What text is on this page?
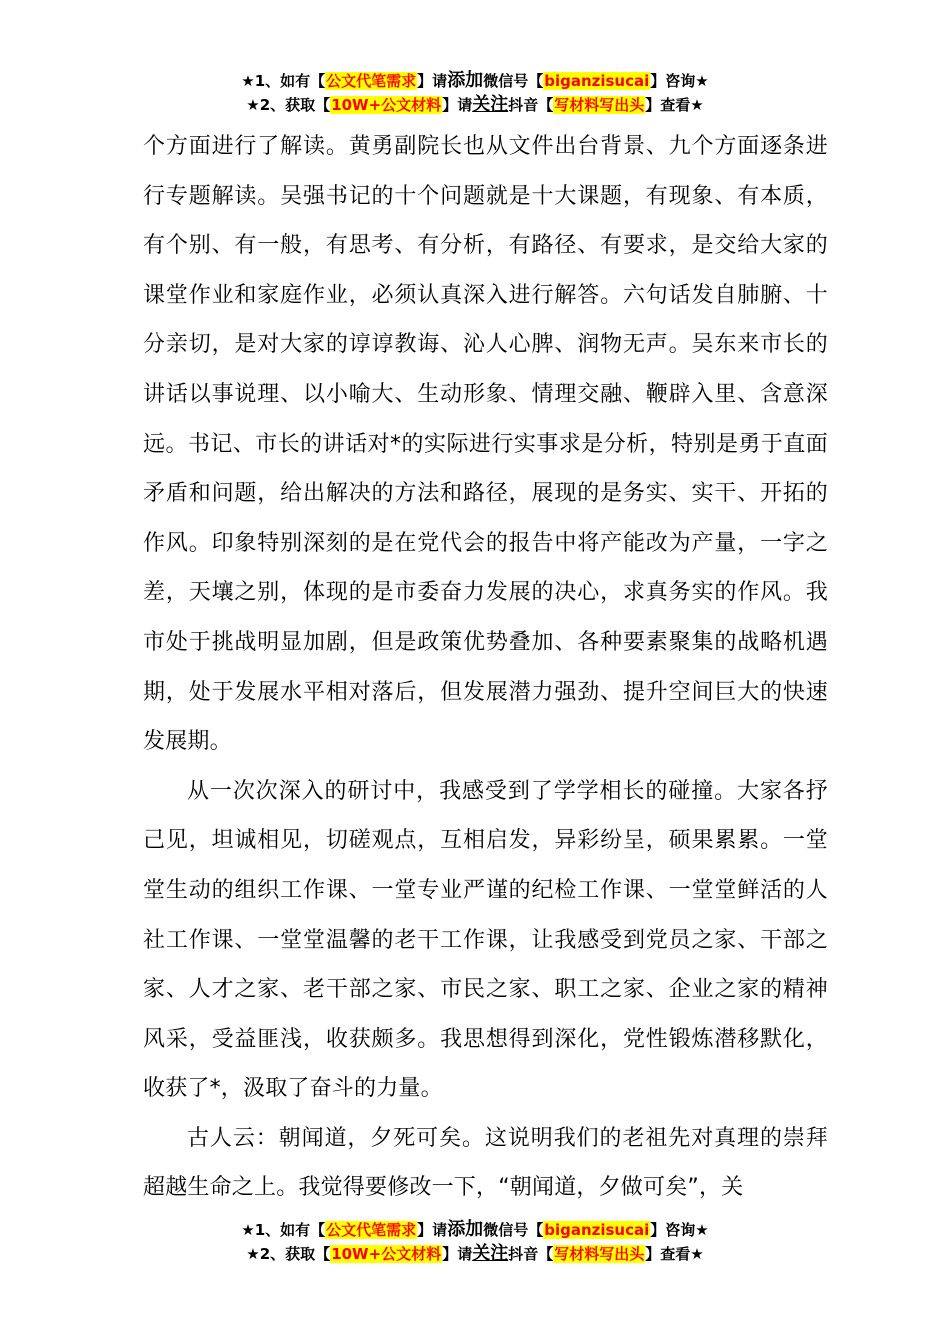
★1、如有【公文代笔需求】请添加微信号【biganzisucai】咨询★
★2、获取【10W+公文材料】请关注抖音【写材料写出头】查看★

个方面进行了解读。黄勇副院长也从文件出台背景、九个方面逐条进行专题解读。吴强书记的十个问题就是十大课题，有现象、有本质，有个别、有一般，有思考、有分析，有路径、有要求，是交给大家的课堂作业和家庭作业，必须认真深入进行解答。六句话发自肺腑、十分亲切，是对大家的谆谆教诲、沁人心脾、润物无声。吴东来市长的讲话以事说理、以小喻大、生动形象、情理交融、鞭辟入里、含意深远。书记、市长的讲话对*的实际进行实事求是分析，特别是勇于直面矛盾和问题，给出解决的方法和路径，展现的是务实、实干、开拓的作风。印象特别深刻的是在党代会的报告中将产能改为产量，一字之差，天壤之别，体现的是市委奋力发展的决心，求真务实的作风。我市处于挑战明显加剧，但是政策优势叠加、各种要素聚集的战略机遇期，处于发展水平相对落后，但发展潜力强劲、提升空间巨大的快速发展期。

从一次次深入的研讨中，我感受到了学学相长的碰撞。大家各抒己见，坦诚相见，切磋观点，互相启发，异彩纷呈，硕果累累。一堂堂生动的组织工作课、一堂专业严谨的纪检工作课、一堂堂鲜活的人社工作课、一堂堂温馨的老干工作课，让我感受到党员之家、干部之家、人才之家、老干部之家、市民之家、职工之家、企业之家的精神风采，受益匪浅，收获颇多。我思想得到深化，党性锻炼潜移默化，收获了*，汲取了奋斗的力量。

古人云：朝闻道，夕死可矣。这说明我们的老祖先对真理的崇拜超越生命之上。我觉得要修改一下，“朝闻道，夕做可矣”，关

★1、如有【公文代笔需求】请添加微信号【biganzisucai】咨询★
★2、获取【10W+公文材料】请关注抖音【写材料写出头】查看★
